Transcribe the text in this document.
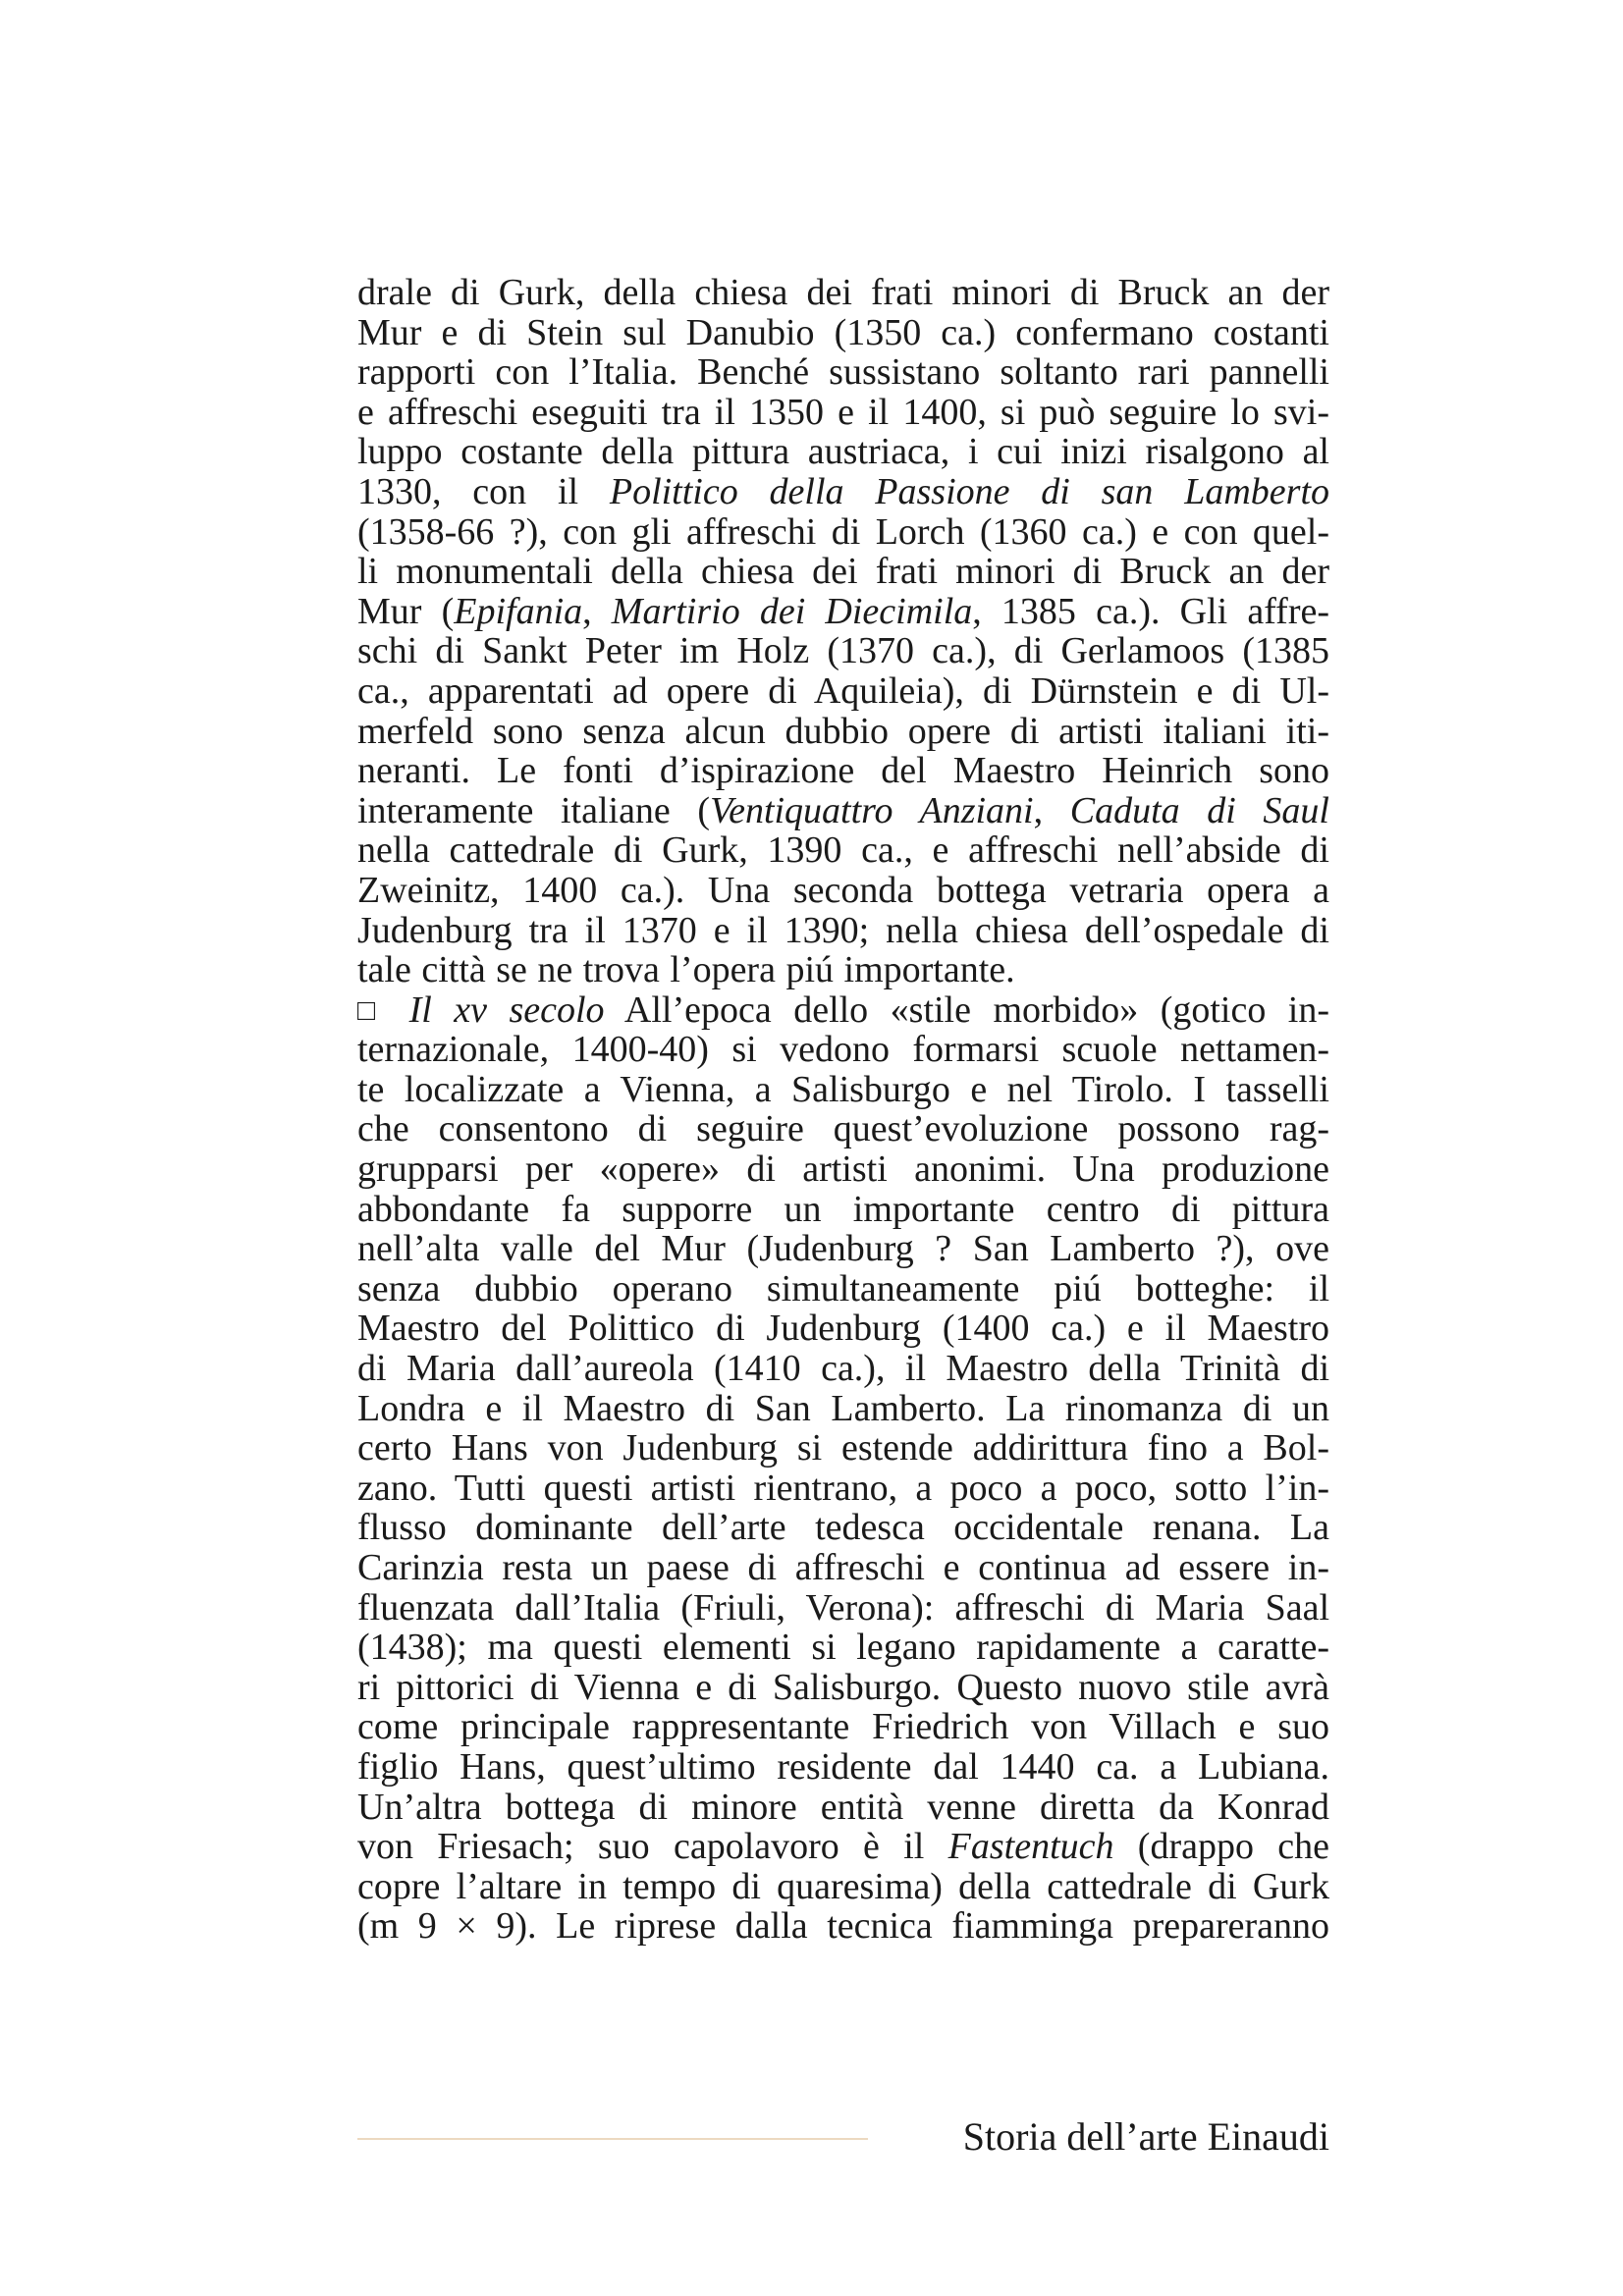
drale di Gurk, della chiesa dei frati minori di Bruck an der
Mur e di Stein sul Danubio (1350 ca.) confermano costanti
rapporti con l’Italia. Benché sussistano soltanto rari pannelli
e affreschi eseguiti tra il 1350 e il 1400, si può seguire lo svi-
luppo costante della pittura austriaca, i cui inizi risalgono al
1330, con il Polittico della Passione di san Lamberto
(1358-66 ?), con gli affreschi di Lorch (1360 ca.) e con quel-
li monumentali della chiesa dei frati minori di Bruck an der
Mur (Epifania, Martirio dei Diecimila, 1385 ca.). Gli affre-
schi di Sankt Peter im Holz (1370 ca.), di Gerlamoos (1385
ca., apparentati ad opere di Aquileia), di Dürnstein e di Ul-
merfeld sono senza alcun dubbio opere di artisti italiani iti-
neranti. Le fonti d’ispirazione del Maestro Heinrich sono
interamente italiane (Ventiquattro Anziani, Caduta di Saul
nella cattedrale di Gurk, 1390 ca., e affreschi nell’abside di
Zweinitz, 1400 ca.). Una seconda bottega vetraria opera a
Judenburg tra il 1370 e il 1390; nella chiesa dell’ospedale di
tale città se ne trova l’opera piú importante.
□ Il xv secolo All’epoca dello «stile morbido» (gotico in-
ternazionale, 1400-40) si vedono formarsi scuole nettamen-
te localizzate a Vienna, a Salisburgo e nel Tirolo. I tasselli
che consentono di seguire quest’evoluzione possono rag-
grupparsi per «opere» di artisti anonimi. Una produzione
abbondante fa supporre un importante centro di pittura
nell’alta valle del Mur (Judenburg ? San Lamberto ?), ove
senza dubbio operano simultaneamente piú botteghe: il
Maestro del Polittico di Judenburg (1400 ca.) e il Maestro
di Maria dall’aureola (1410 ca.), il Maestro della Trinità di
Londra e il Maestro di San Lamberto. La rinomanza di un
certo Hans von Judenburg si estende addirittura fino a Bol-
zano. Tutti questi artisti rientrano, a poco a poco, sotto l’in-
flusso dominante dell’arte tedesca occidentale renana. La
Carinzia resta un paese di affreschi e continua ad essere in-
fluenzata dall’Italia (Friuli, Verona): affreschi di Maria Saal
(1438); ma questi elementi si legano rapidamente a caratte-
ri pittorici di Vienna e di Salisburgo. Questo nuovo stile avrà
come principale rappresentante Friedrich von Villach e suo
figlio Hans, quest’ultimo residente dal 1440 ca. a Lubiana.
Un’altra bottega di minore entità venne diretta da Konrad
von Friesach; suo capolavoro è il Fastentuch (drappo che
copre l’altare in tempo di quaresima) della cattedrale di Gurk
(m 9 × 9). Le riprese dalla tecnica fiamminga prepareranno
Storia dell’arte Einaudi
